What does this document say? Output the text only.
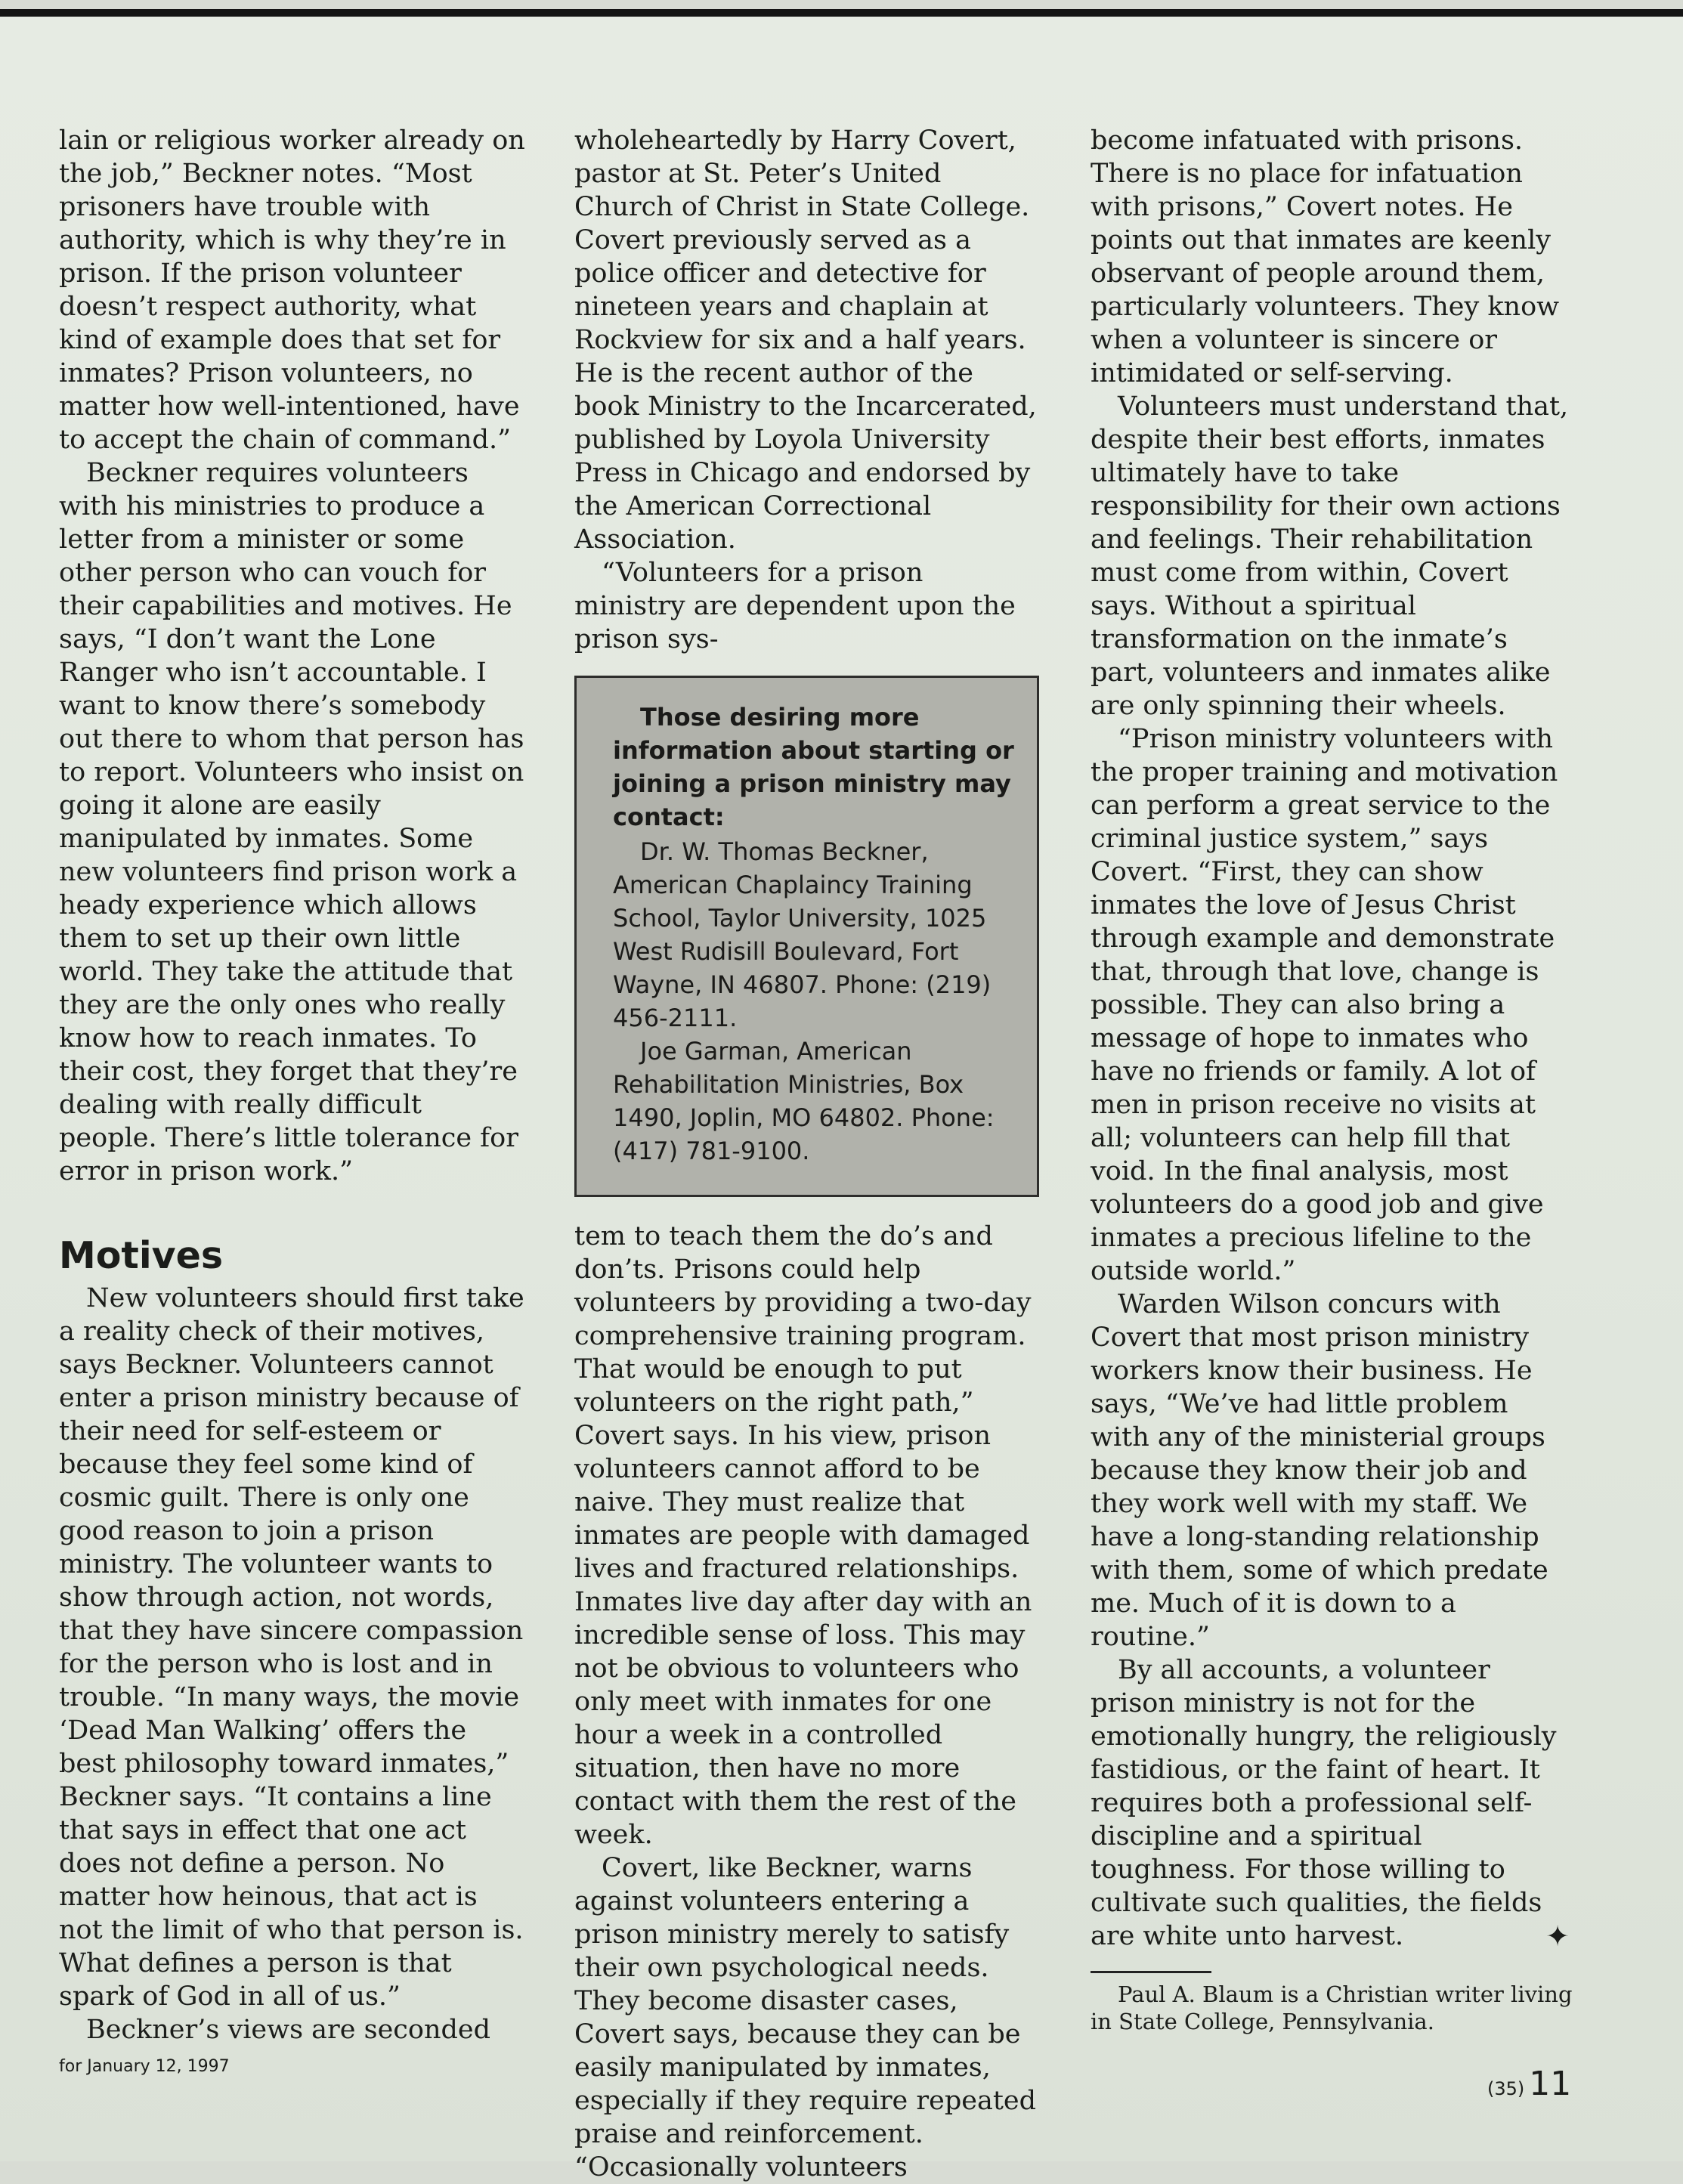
lain or religious worker already on the job,” Beckner notes. “Most prisoners have trouble with authority, which is why they’re in prison. If the prison volunteer doesn’t respect authority, what kind of example does that set for inmates? Prison volunteers, no matter how well-intentioned, have to accept the chain of command.”

Beckner requires volunteers with his ministries to produce a letter from a minister or some other person who can vouch for their capabilities and motives. He says, “I don’t want the Lone Ranger who isn’t accountable. I want to know there’s somebody out there to whom that person has to report. Volunteers who insist on going it alone are easily manipulated by inmates. Some new volunteers find prison work a heady experience which allows them to set up their own little world. They take the attitude that they are the only ones who really know how to reach inmates. To their cost, they forget that they’re dealing with really difficult people. There’s little tolerance for error in prison work.”

Motives

New volunteers should first take a reality check of their motives, says Beckner. Volunteers cannot enter a prison ministry because of their need for self-esteem or because they feel some kind of cosmic guilt. There is only one good reason to join a prison ministry. The volunteer wants to show through action, not words, that they have sincere compassion for the person who is lost and in trouble. “In many ways, the movie ‘Dead Man Walking’ offers the best philosophy toward inmates,” Beckner says. “It contains a line that says in effect that one act does not define a person. No matter how heinous, that act is not the limit of who that person is. What defines a person is that spark of God in all of us.”

Beckner’s views are seconded

wholeheartedly by Harry Covert, pastor at St. Peter’s United Church of Christ in State College. Covert previously served as a police officer and detective for nineteen years and chaplain at Rockview for six and a half years. He is the recent author of the book Ministry to the Incarcerated, published by Loyola University Press in Chicago and endorsed by the American Correctional Association.

“Volunteers for a prison ministry are dependent upon the prison sys-

Those desiring more information about starting or joining a prison ministry may contact:

Dr. W. Thomas Beckner, American Chaplaincy Training School, Taylor University, 1025 West Rudisill Boulevard, Fort Wayne, IN 46807. Phone: (219) 456-2111.

Joe Garman, American Rehabilitation Ministries, Box 1490, Joplin, MO 64802. Phone: (417) 781-9100.

tem to teach them the do’s and don’ts. Prisons could help volunteers by providing a two-day comprehensive training program. That would be enough to put volunteers on the right path,” Covert says. In his view, prison volunteers cannot afford to be naive. They must realize that inmates are people with damaged lives and fractured relationships. Inmates live day after day with an incredible sense of loss. This may not be obvious to volunteers who only meet with inmates for one hour a week in a controlled situation, then have no more contact with them the rest of the week.

Covert, like Beckner, warns against volunteers entering a prison ministry merely to satisfy their own psychological needs. They become disaster cases, Covert says, because they can be easily manipulated by inmates, especially if they require repeated praise and reinforcement. “Occasionally volunteers

become infatuated with prisons. There is no place for infatuation with prisons,” Covert notes. He points out that inmates are keenly observant of people around them, particularly volunteers. They know when a volunteer is sincere or intimidated or self-serving.

Volunteers must understand that, despite their best efforts, inmates ultimately have to take responsibility for their own actions and feelings. Their rehabilitation must come from within, Covert says. Without a spiritual transformation on the inmate’s part, volunteers and inmates alike are only spinning their wheels.

“Prison ministry volunteers with the proper training and motivation can perform a great service to the criminal justice system,” says Covert. “First, they can show inmates the love of Jesus Christ through example and demonstrate that, through that love, change is possible. They can also bring a message of hope to inmates who have no friends or family. A lot of men in prison receive no visits at all; volunteers can help fill that void. In the final analysis, most volunteers do a good job and give inmates a precious lifeline to the outside world.”

Warden Wilson concurs with Covert that most prison ministry workers know their business. He says, “We’ve had little problem with any of the ministerial groups because they know their job and they work well with my staff. We have a long-standing relationship with them, some of which predate me. Much of it is down to a routine.”

By all accounts, a volunteer prison ministry is not for the emotionally hungry, the religiously fastidious, or the faint of heart. It requires both a professional self-discipline and a spiritual toughness. For those willing to cultivate such qualities, the fields are white unto harvest.	✦

Paul A. Blaum is a Christian writer living in State College, Pennsylvania.

for January 12, 1997
(35) 11
